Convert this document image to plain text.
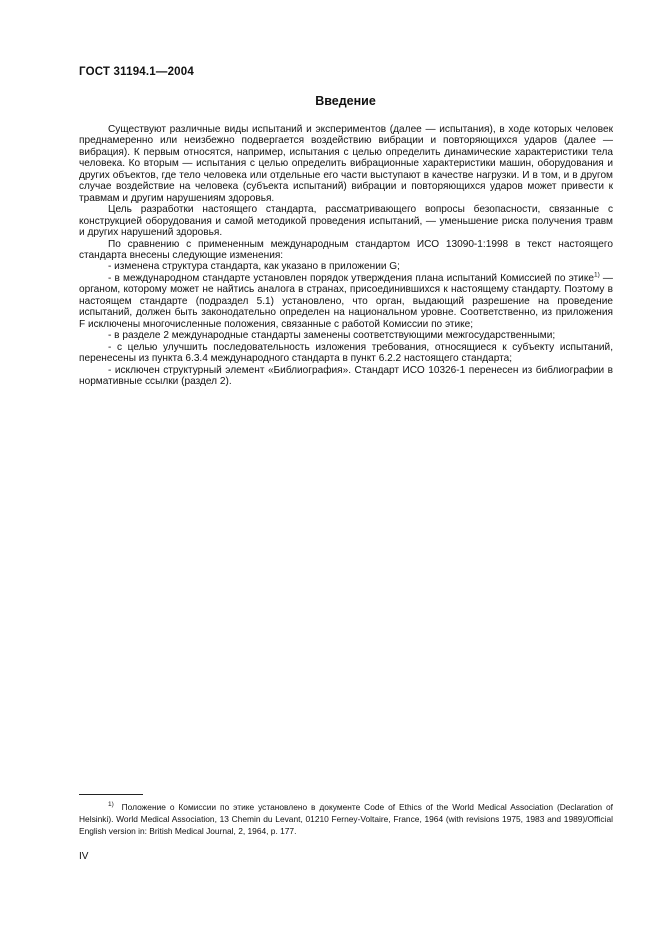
ГОСТ 31194.1—2004
Введение

Существуют различные виды испытаний и экспериментов (далее — испытания), в ходе которых человек преднамеренно или неизбежно подвергается воздействию вибрации и повторяющихся ударов (далее — вибрация). К первым относятся, например, испытания с целью определить динамические характеристики тела человека. Ко вторым — испытания с целью определить вибрационные характеристики машин, оборудования и других объектов, где тело человека или отдельные его части выступают в качестве нагрузки. И в том, и в другом случае воздействие на человека (субъекта испытаний) вибрации и повторяющихся ударов может привести к травмам и другим нарушениям здоровья.

Цель разработки настоящего стандарта, рассматривающего вопросы безопасности, связанные с конструкцией оборудования и самой методикой проведения испытаний, — уменьшение риска получения травм и других нарушений здоровья.

По сравнению с примененным международным стандартом ИСО 13090-1:1998 в текст настоящего стандарта внесены следующие изменения:

- изменена структура стандарта, как указано в приложении G;

- в международном стандарте установлен порядок утверждения плана испытаний Комиссией по этике$^{1)}$ — органом, которому может не найтись аналога в странах, присоединившихся к настоящему стандарту. Поэтому в настоящем стандарте (подраздел 5.1) установлено, что орган, выдающий разрешение на проведение испытаний, должен быть законодательно определен на национальном уровне. Соответственно, из приложения F исключены многочисленные положения, связанные с работой Комиссии по этике;

- в разделе 2 международные стандарты заменены соответствующими межгосударственными;

- с целью улучшить последовательность изложения требования, относящиеся к субъекту испытаний, перенесены из пункта 6.3.4 международного стандарта в пункт 6.2.2 настоящего стандарта;

- исключен структурный элемент «Библиография». Стандарт ИСО 10326-1 перенесен из библиографии в нормативные ссылки (раздел 2).

$^{1)}$ Положение о Комиссии по этике установлено в документе Code of Ethics of the World Medical Association (Declaration of Helsinki). World Medical Association, 13 Chemin du Levant, 01210 Ferney-Voltaire, France, 1964 (with revisions 1975, 1983 and 1989)/Official English version in: British Medical Journal, 2, 1964, p. 177.

IV
